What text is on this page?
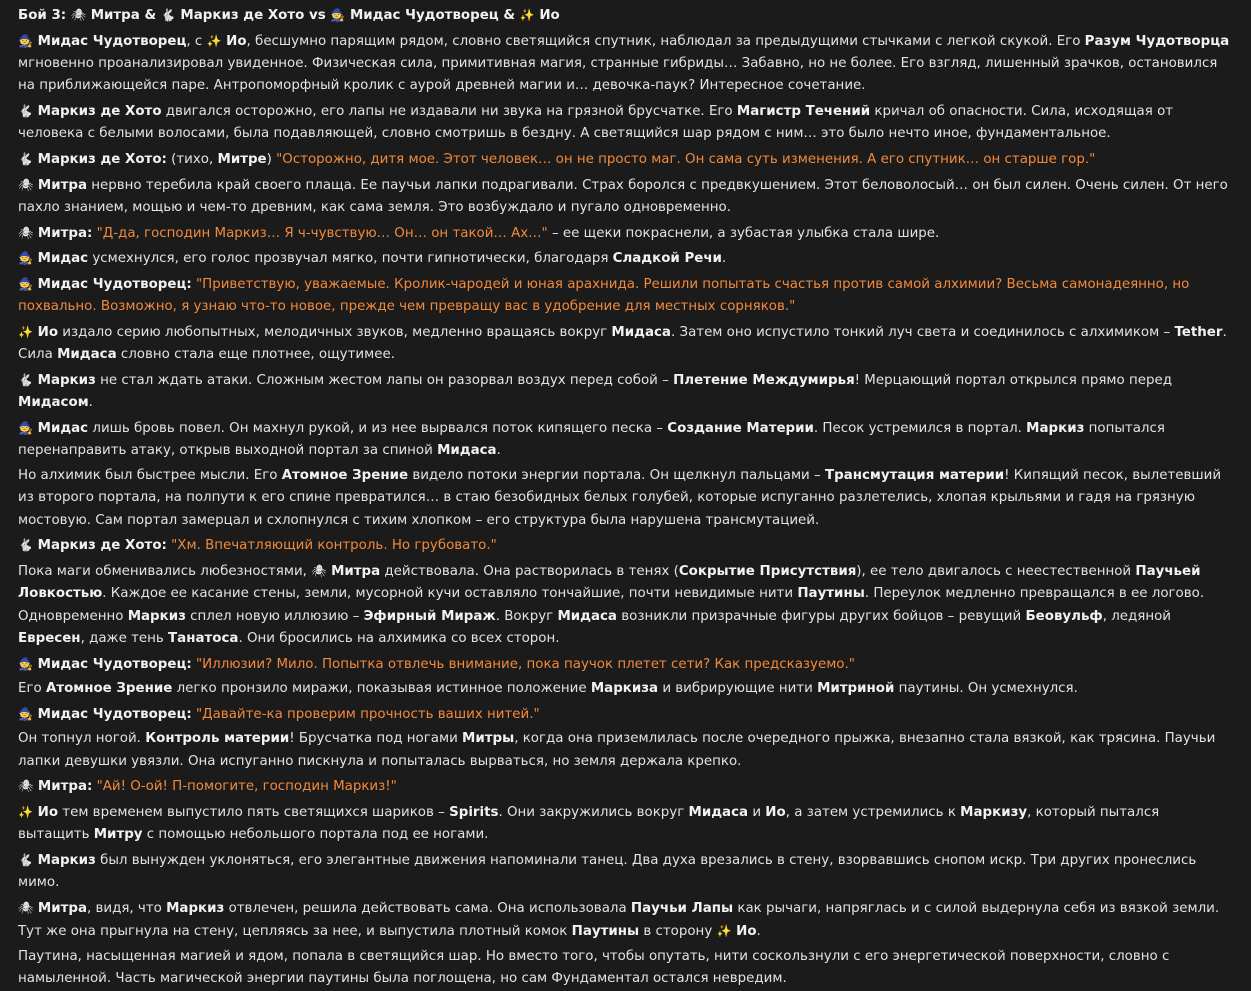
Бой 3: 🕷 Митра & 🐇 Маркиз де Хото vs 🧙 Мидас Чудотворец & ✨ Ио

🧙 Мидас Чудотворец, с ✨ Ио, бесшумно парящим рядом, словно светящийся спутник, наблюдал за предыдущими стычками с легкой скукой. Его Разум Чудотворца мгновенно проанализировал увиденное. Физическая сила, примитивная магия, странные гибриды… Забавно, но не более. Его взгляд, лишенный зрачков, остановился на приближающейся паре. Антропоморфный кролик с аурой древней магии и… девочка-паук? Интересное сочетание.

🐇 Маркиз де Хото двигался осторожно, его лапы не издавали ни звука на грязной брусчатке. Его Магистр Течений кричал об опасности. Сила, исходящая от человека с белыми волосами, была подавляющей, словно смотришь в бездну. А светящийся шар рядом с ним… это было нечто иное, фундаментальное.

🐇 Маркиз де Хото: (тихо, Митре) "Осторожно, дитя мое. Этот человек… он не просто маг. Он сама суть изменения. А его спутник… он старше гор."

🕷 Митра нервно теребила край своего плаща. Ее паучьи лапки подрагивали. Страх боролся с предвкушением. Этот беловолосый… он был силен. Очень силен. От него пахло знанием, мощью и чем-то древним, как сама земля. Это возбуждало и пугало одновременно.

🕷 Митра: "Д-да, господин Маркиз… Я ч-чувствую… Он… он такой… Ах…" – ее щеки покраснели, а зубастая улыбка стала шире.

🧙 Мидас усмехнулся, его голос прозвучал мягко, почти гипнотически, благодаря Сладкой Речи.

🧙 Мидас Чудотворец: "Приветствую, уважаемые. Кролик-чародей и юная арахнида. Решили попытать счастья против самой алхимии? Весьма самонадеянно, но похвально. Возможно, я узнаю что-то новое, прежде чем превращу вас в удобрение для местных сорняков."

✨ Ио издало серию любопытных, мелодичных звуков, медленно вращаясь вокруг Мидаса. Затем оно испустило тонкий луч света и соединилось с алхимиком – Tether. Сила Мидаса словно стала еще плотнее, ощутимее.

🐇 Маркиз не стал ждать атаки. Сложным жестом лапы он разорвал воздух перед собой – Плетение Междумирья! Мерцающий портал открылся прямо перед Мидасом.

🧙 Мидас лишь бровь повел. Он махнул рукой, и из нее вырвался поток кипящего песка – Создание Материи. Песок устремился в портал. Маркиз попытался перенаправить атаку, открыв выходной портал за спиной Мидаса.

Но алхимик был быстрее мысли. Его Атомное Зрение видело потоки энергии портала. Он щелкнул пальцами – Трансмутация материи! Кипящий песок, вылетевший из второго портала, на полпути к его спине превратился… в стаю безобидных белых голубей, которые испуганно разлетелись, хлопая крыльями и гадя на грязную мостовую. Сам портал замерцал и схлопнулся с тихим хлопком – его структура была нарушена трансмутацией.

🐇 Маркиз де Хото: "Хм. Впечатляющий контроль. Но грубовато."

Пока маги обменивались любезностями, 🕷 Митра действовала. Она растворилась в тенях (Сокрытие Присутствия), ее тело двигалось с неестественной Паучьей Ловкостью. Каждое ее касание стены, земли, мусорной кучи оставляло тончайшие, почти невидимые нити Паутины. Переулок медленно превращался в ее логово. Одновременно Маркиз сплел новую иллюзию – Эфирный Мираж. Вокруг Мидаса возникли призрачные фигуры других бойцов – ревущий Беовульф, ледяной Евресен, даже тень Танатоса. Они бросились на алхимика со всех сторон.

🧙 Мидас Чудотворец: "Иллюзии? Мило. Попытка отвлечь внимание, пока паучок плетет сети? Как предсказуемо."

Его Атомное Зрение легко пронзило миражи, показывая истинное положение Маркиза и вибрирующие нити Митриной паутины. Он усмехнулся.

🧙 Мидас Чудотворец: "Давайте-ка проверим прочность ваших нитей."

Он топнул ногой. Контроль материи! Брусчатка под ногами Митры, когда она приземлилась после очередного прыжка, внезапно стала вязкой, как трясина. Паучьи лапки девушки увязли. Она испуганно пискнула и попыталась вырваться, но земля держала крепко.

🕷 Митра: "Ай! О-ой! П-помогите, господин Маркиз!"

✨ Ио тем временем выпустило пять светящихся шариков – Spirits. Они закружились вокруг Мидаса и Ио, а затем устремились к Маркизу, который пытался вытащить Митру с помощью небольшого портала под ее ногами.

🐇 Маркиз был вынужден уклоняться, его элегантные движения напоминали танец. Два духа врезались в стену, взорвавшись снопом искр. Три других пронеслись мимо.

🕷 Митра, видя, что Маркиз отвлечен, решила действовать сама. Она использовала Паучьи Лапы как рычаги, напряглась и с силой выдернула себя из вязкой земли. Тут же она прыгнула на стену, цепляясь за нее, и выпустила плотный комок Паутины в сторону ✨ Ио.

Паутина, насыщенная магией и ядом, попала в светящийся шар. Но вместо того, чтобы опутать, нити соскользнули с его энергетической поверхности, словно с намыленной. Часть магической энергии паутины была поглощена, но сам Фундаментал остался невредим.
